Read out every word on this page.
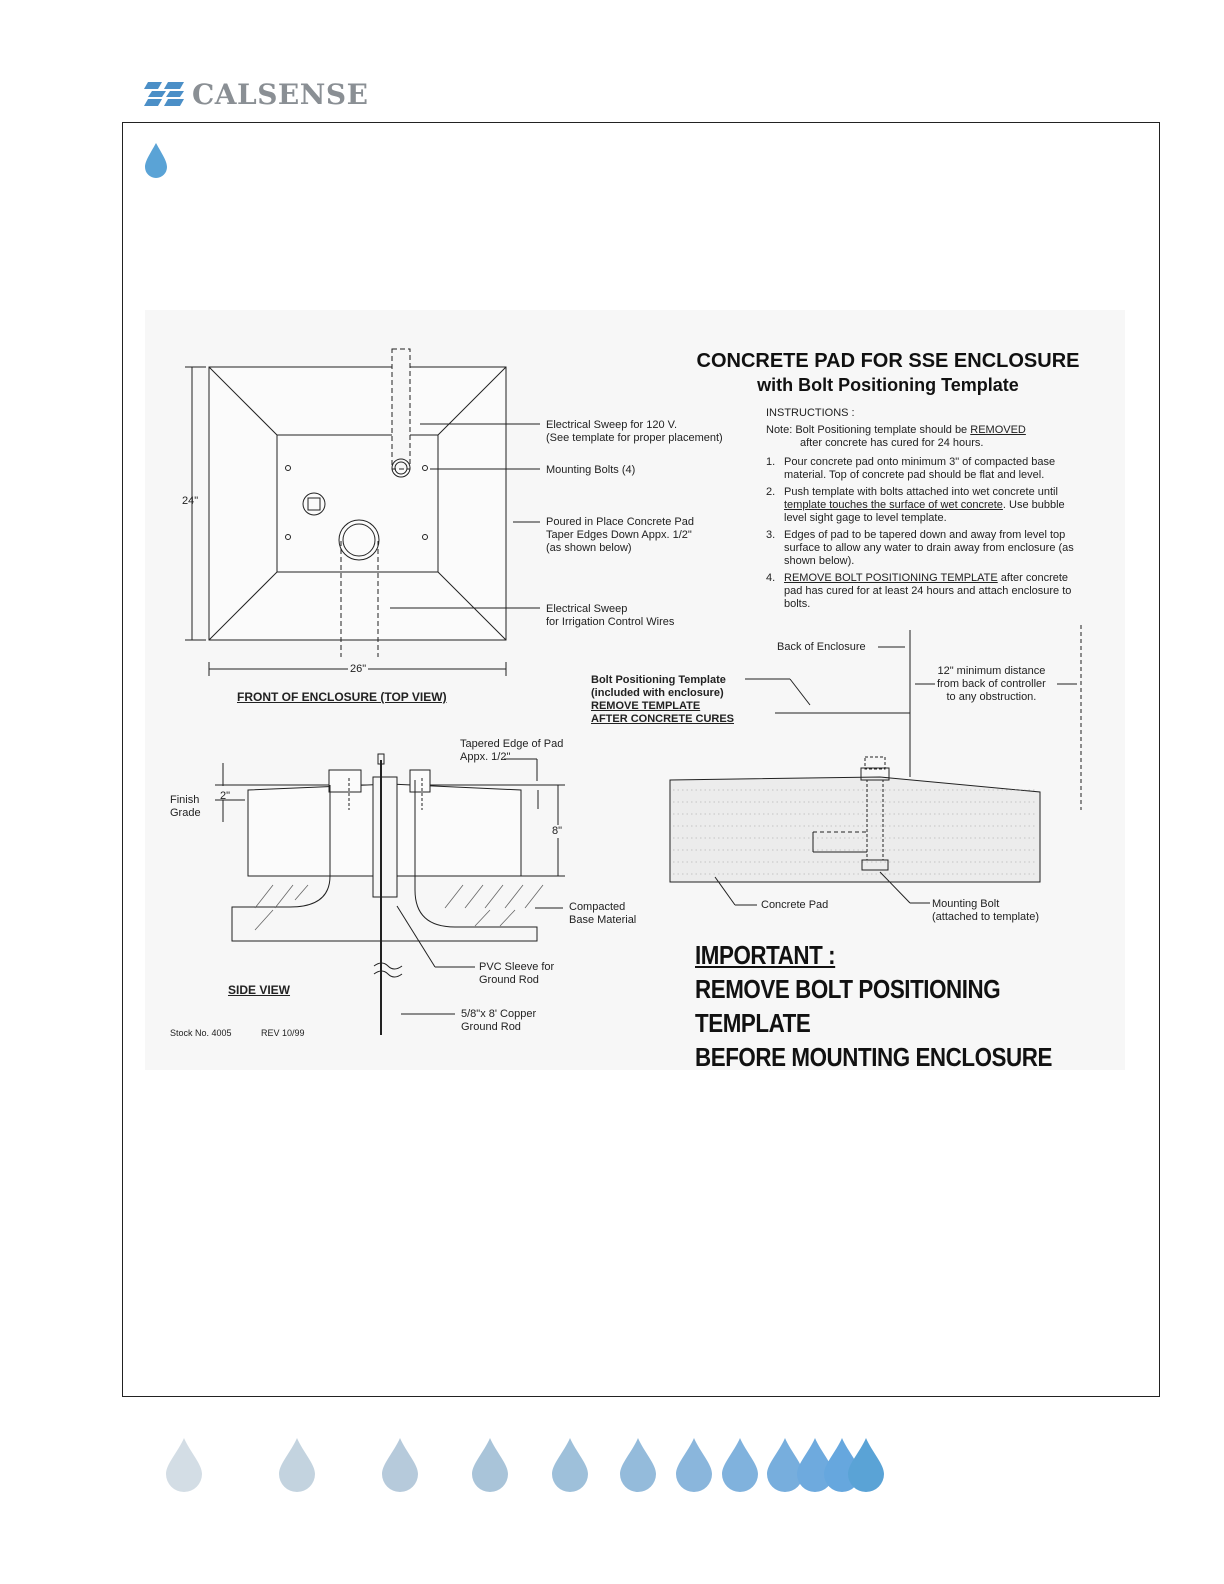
CALSENSE
CONCRETE PAD FOR SSE ENCLOSURE
with Bolt Positioning Template

INSTRUCTIONS :

Note: Bolt Positioning template should be REMOVED
after concrete has cured for 24 hours.

1. Pour concrete pad onto minimum 3" of compacted base material. Top of concrete pad should be flat and level.
2. Push template with bolts attached into wet concrete until template touches the surface of wet concrete. Use bubble level sight gage to level template.
3. Edges of pad to be tapered down and away from level top surface to allow any water to drain away from enclosure (as shown below).
4. REMOVE BOLT POSITIONING TEMPLATE after concrete pad has cured for at least 24 hours and attach enclosure to bolts.
24"
26"
FRONT OF ENCLOSURE (TOP VIEW)
Electrical Sweep for 120 V.
(See template for proper placement)
Mounting Bolts (4)
Poured in Place Concrete Pad
Taper Edges Down Appx. 1/2"
(as shown below)
Electrical Sweep
for Irrigation Control Wires
Tapered Edge of Pad
Appx. 1/2"
Finish
Grade
2"
8"
Compacted
Base Material
PVC Sleeve for
Ground Rod
5/8"x 8' Copper
Ground Rod
SIDE VIEW
Stock No. 4005	REV 10/99
Back of Enclosure
Bolt Positioning Template
(included with enclosure)
REMOVE TEMPLATE
AFTER CONCRETE CURES
12" minimum distance
from back of controller
to any obstruction.
Concrete Pad	Mounting Bolt
(attached to template)
IMPORTANT :
REMOVE BOLT POSITIONING TEMPLATE
BEFORE MOUNTING ENCLOSURE
